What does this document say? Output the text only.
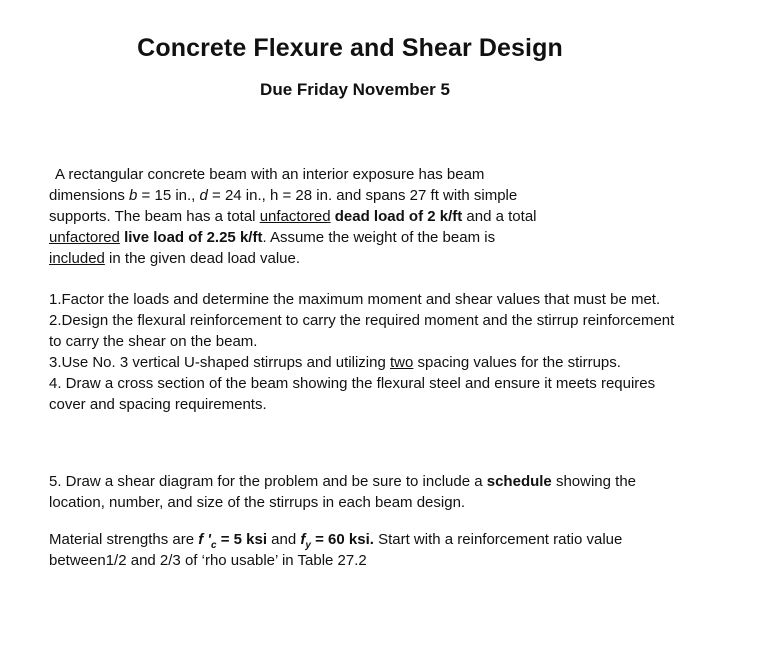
Concrete Flexure and Shear Design
Due Friday November 5
A rectangular concrete beam with an interior exposure has beam
dimensions b = 15 in., d = 24 in., h = 28 in. and spans 27 ft with simple
supports. The beam has a total unfactored dead load of 2 k/ft and a total
unfactored live load of 2.25 k/ft. Assume the weight of the beam is
included in the given dead load value.
1.Factor the loads and determine the maximum moment and shear values that must be met.
2.Design the flexural reinforcement to carry the required moment and the stirrup reinforcement to carry the shear on the beam.
3.Use No. 3 vertical U-shaped stirrups and utilizing two spacing values for the stirrups.
4. Draw a cross section of the beam showing the flexural steel and ensure it meets requires cover and spacing requirements.
5. Draw a shear diagram for the problem and be sure to include a schedule showing the location, number, and size of the stirrups in each beam design.
Material strengths are f '$_c = 5$ ksi and $f_y = 60$ ksi. Start with a reinforcement ratio value between1/2 and 2/3 of ‘rho usable’ in Table 27.2
